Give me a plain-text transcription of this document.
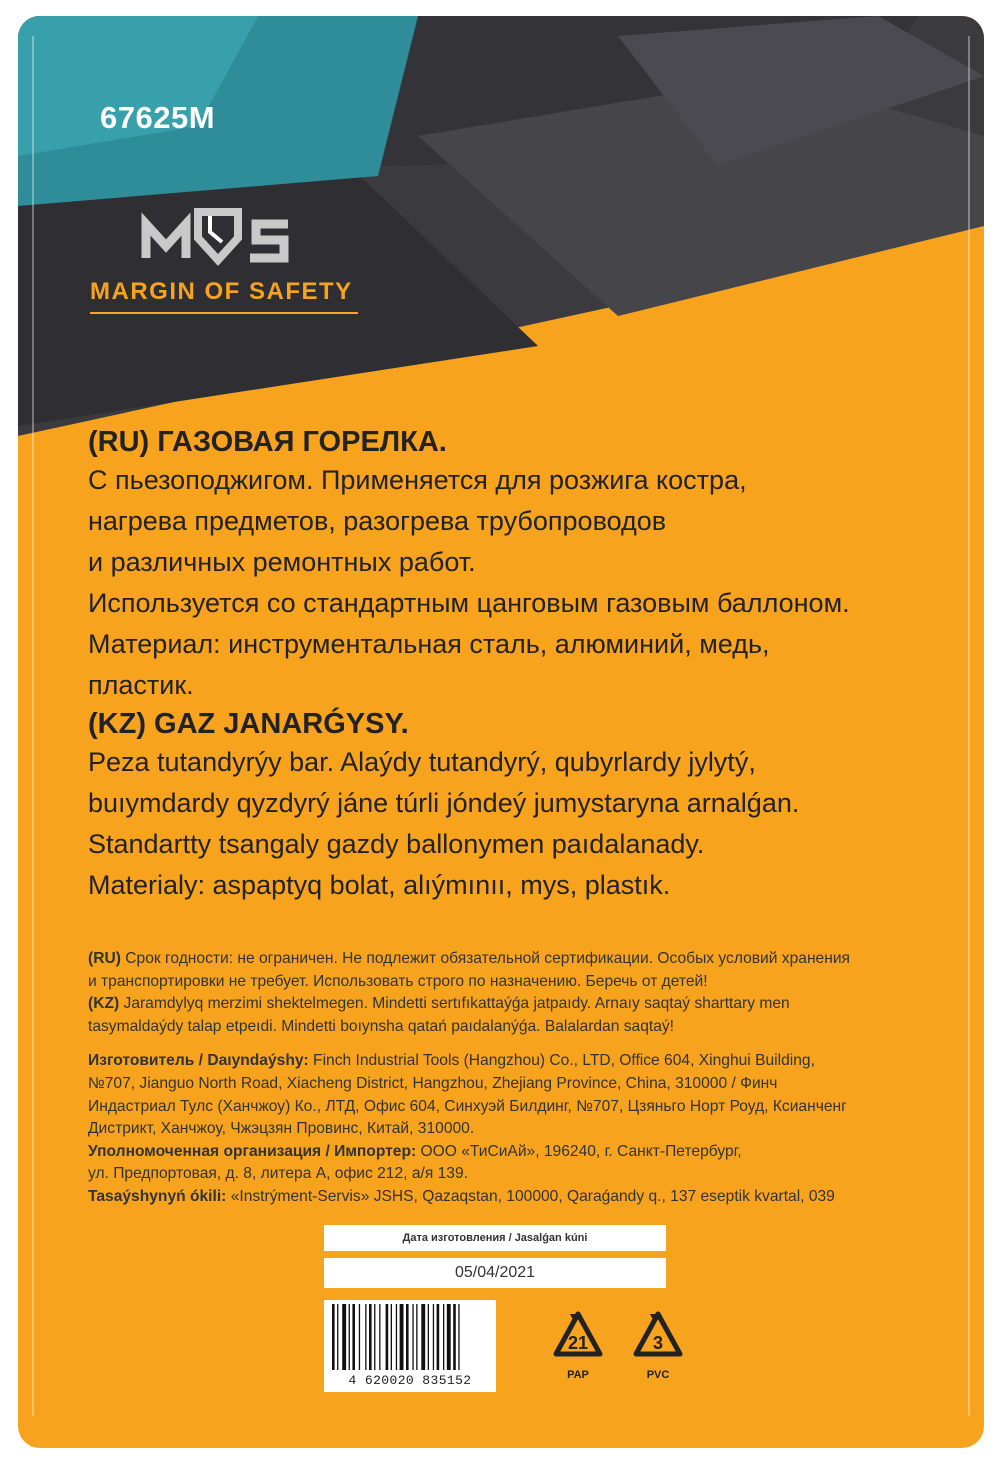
67625M
MARGIN OF SAFETY

(RU) ГАЗОВАЯ ГОРЕЛКА.

С пьезоподжигом. Применяется для розжига костра,

нагрева предметов, разогрева трубопроводов

и различных ремонтных работ.

Используется со стандартным цанговым газовым баллоном.

Материал: инструментальная сталь, алюминий, медь,

пластик.

(KZ) GAZ JANARǴYSY.

Peza tutandyrýy bar. Alaýdy tutandyrý, qubyrlardy jylytý,

buıymdardy qyzdyrý jáne túrli jóndeý jumystaryna arnalǵan.

Standartty tsangaly gazdy ballonymen paıdalanady.

Materialy: aspaptyq bolat, alıýmınıı, mys, plastık.

(RU) Срок годности: не ограничен. Не подлежит обязательной сертификации. Особых условий хранения
и транспортировки не требует. Использовать строго по назначению. Беречь от детей!
(KZ) Jaramdylyq merzimi shektelmegen. Mindetti sertıfıkattaýǵa jatpaıdy. Arnaıy saqtaý sharttary men
tasymaldaýdy talap etpeıdi. Mindetti boıynsha qatań paıdalanýǵa. Balalardan saqtaý!
Изготовитель / Daıyndaýshy: Finch Industrial Tools (Hangzhou) Co., LTD, Office 604, Xinghui Building,
№707, Jianguo North Road, Xiacheng District, Hangzhou, Zhejiang Province, China, 310000 / Финч
Индастриал Тулс (Ханчжоу) Ко., ЛТД, Офис 604, Синхуэй Билдинг, №707, Цзяньго Норт Роуд, Ксианченг
Дистрикт, Ханчжоу, Чжэцзян Провинс, Китай, 310000.
Уполномоченная организация / Импортер: ООО «ТиСиАй», 196240, г. Санкт-Петербург,
ул. Предпортовая, д. 8, литера А, офис 212, а/я 139.
Tasaýshynyń ókili: «Instrýment-Servis» JSHS, Qazaqstan, 100000, Qaraǵandy q., 137 eseptik kvartal, 039
Дата изготовления / Jasalǵan kúni
05/04/2021
4 620020 835152
21
PAP
3
PVC
